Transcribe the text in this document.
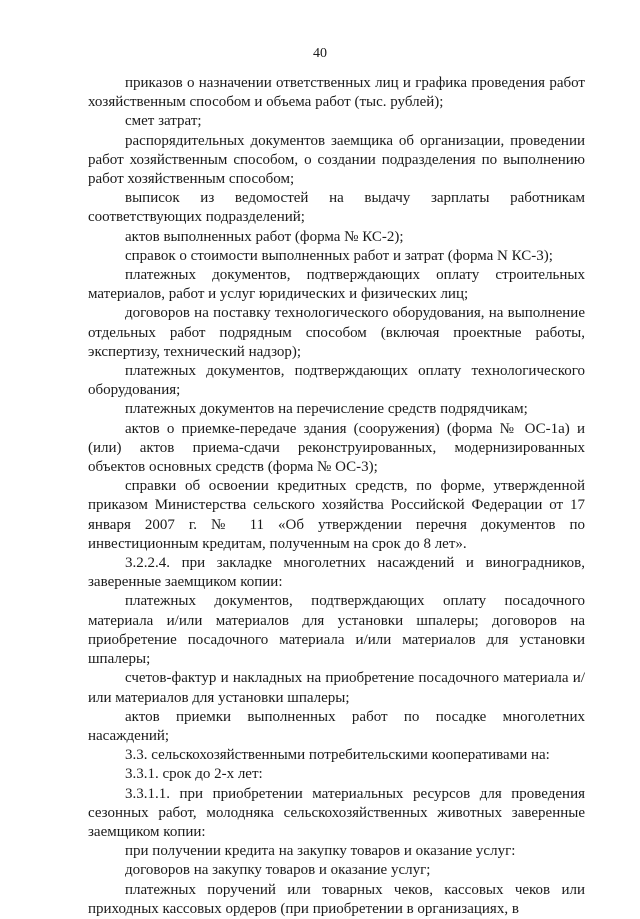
40

приказов о назначении ответственных лиц и графика проведения работ хозяйственным способом и объема работ (тыс. рублей);

смет затрат;

распорядительных документов заемщика об организации, проведении работ хозяйственным способом, о создании подразделения по выполнению работ хозяйственным способом;

выписок из ведомостей на выдачу зарплаты работникам соответствующих подразделений;

актов выполненных работ (форма № КС-2);

справок о стоимости выполненных работ и затрат (форма N КС-3);

платежных документов, подтверждающих оплату строительных материалов, работ и услуг юридических и физических лиц;

договоров на поставку технологического оборудования, на выполнение отдельных работ подрядным способом (включая проектные работы, экспертизу, технический надзор);

платежных документов, подтверждающих оплату технологического оборудования;

платежных документов на перечисление средств подрядчикам;

актов о приемке-передаче здания (сооружения) (форма № ОС-1а) и (или) актов приема-сдачи реконструированных, модернизированных объектов основных средств (форма № ОС-3);

справки об освоении кредитных средств, по форме, утвержденной приказом Министерства сельского хозяйства Российской Федерации от 17 января 2007 г. № 11 «Об утверждении перечня документов по инвестиционным кредитам, полученным на срок до 8 лет».

3.2.2.4. при закладке многолетних насаждений и виноградников, заверенные заемщиком копии:

платежных документов, подтверждающих оплату посадочного материала и/или материалов для установки шпалеры; договоров на приобретение посадочного материала и/или материалов для установки шпалеры;

счетов-фактур и накладных на приобретение посадочного материала и/или материалов для установки шпалеры;

актов приемки выполненных работ по посадке многолетних насаждений;

3.3. сельскохозяйственными потребительскими кооперативами на:

3.3.1. срок до 2-х лет:

3.3.1.1. при приобретении материальных ресурсов для проведения сезонных работ, молодняка сельскохозяйственных животных заверенные заемщиком копии:

при получении кредита на закупку товаров и оказание услуг:

договоров на закупку товаров и оказание услуг;

платежных поручений или товарных чеков, кассовых чеков или приходных кассовых ордеров (при приобретении в организациях, в
